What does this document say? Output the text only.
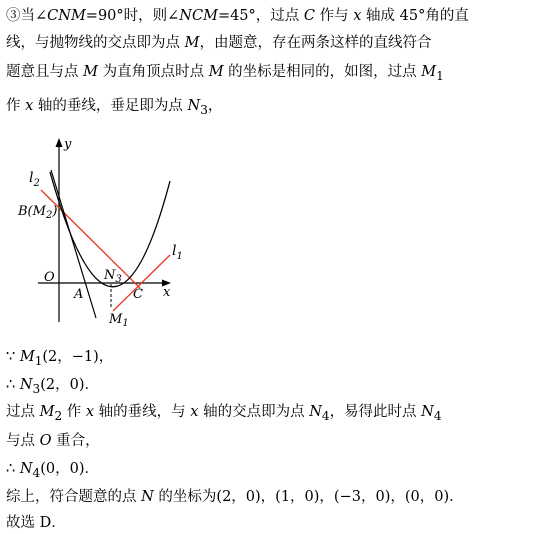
③当∠CNM=90°时，则∠NCM=45°，过点 C 作与 x 轴成 45°角的直
线，与抛物线的交点即为点 M，由题意，存在两条这样的直线符合
题意且与点 M 为直角顶点时点 M 的坐标是相同的，如图，过点 $M_1$
作 x 轴的垂线，垂足即为点 $N_3$，
y
$l_2$
$B(M_2)$
$l_1$
O	$N_3$
A	C x
$M_1$
∵ $M_1(2$，−1)，
∴ $N_3(2$，0)．
过点 $M_2$ 作 x 轴的垂线，与 x 轴的交点即为点 $N_4$，易得此时点 $N_4$
与点 O 重合，
∴ $N_4(0$，0)．
综上，符合题意的点 N 的坐标为(2，0)，(1，0)，(−3，0)，(0，0)．
故选 D．
